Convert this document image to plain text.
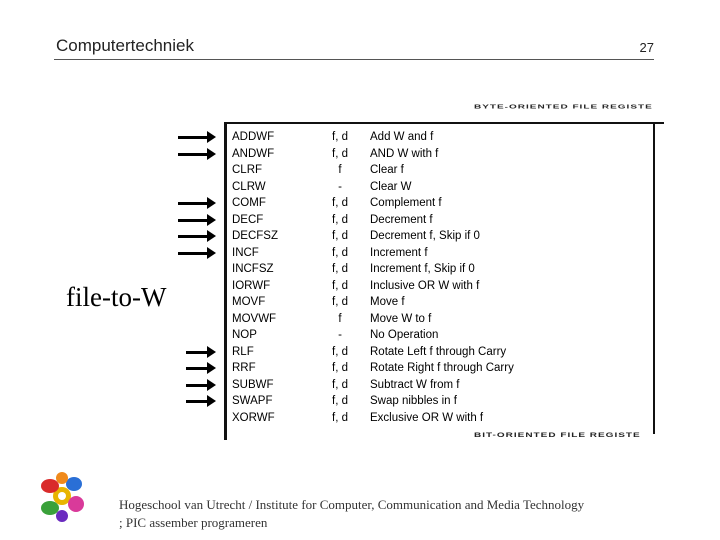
Computertechniek	27
BYTE-ORIENTED FILE REGISTE
ADDWF	f, d	Add W and f
ANDWF	f, d	AND W with f
CLRF	f	Clear f
CLRW	-	Clear W
COMF	f, d	Complement f
DECF	f, d	Decrement f
DECFSZ	f, d	Decrement f, Skip if 0
INCF	f, d	Increment f
INCFSZ	f, d	Increment f, Skip if 0
IORWF	f, d	Inclusive OR W with f
MOVF	f, d	Move f
MOVWF	f	Move W to f
NOP	-	No Operation
RLF	f, d	Rotate Left f through Carry
RRF	f, d	Rotate Right f through Carry
SUBWF	f, d	Subtract W from f
SWAPF	f, d	Swap nibbles in f
XORWF	f, d	Exclusive OR W with f
BIT-ORIENTED FILE REGISTE
file-to-W
Hogeschool van Utrecht / Institute for Computer, Communication and Media Technology
; PIC assember programeren
